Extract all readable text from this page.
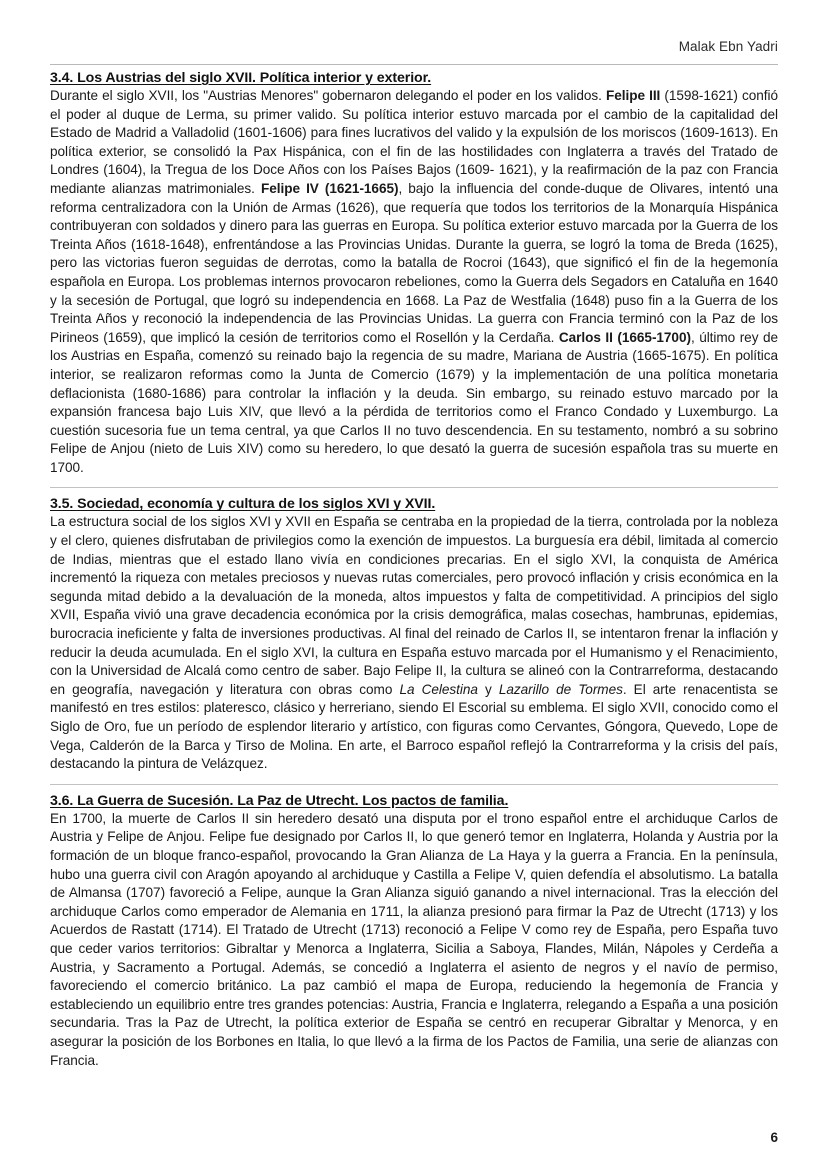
Malak Ebn Yadri
3.4. Los Austrias del siglo XVII. Política interior y exterior.

Durante el siglo XVII, los "Austrias Menores" gobernaron delegando el poder en los validos. Felipe III (1598-1621) confió el poder al duque de Lerma, su primer valido. Su política interior estuvo marcada por el cambio de la capitalidad del Estado de Madrid a Valladolid (1601-1606) para fines lucrativos del valido y la expulsión de los moriscos (1609-1613). En política exterior, se consolidó la Pax Hispánica, con el fin de las hostilidades con Inglaterra a través del Tratado de Londres (1604), la Tregua de los Doce Años con los Países Bajos (1609- 1621), y la reafirmación de la paz con Francia mediante alianzas matrimoniales. Felipe IV (1621-1665), bajo la influencia del conde-duque de Olivares, intentó una reforma centralizadora con la Unión de Armas (1626), que requería que todos los territorios de la Monarquía Hispánica contribuyeran con soldados y dinero para las guerras en Europa. Su política exterior estuvo marcada por la Guerra de los Treinta Años (1618-1648), enfrentándose a las Provincias Unidas. Durante la guerra, se logró la toma de Breda (1625), pero las victorias fueron seguidas de derrotas, como la batalla de Rocroi (1643), que significó el fin de la hegemonía española en Europa. Los problemas internos provocaron rebeliones, como la Guerra dels Segadors en Cataluña en 1640 y la secesión de Portugal, que logró su independencia en 1668. La Paz de Westfalia (1648) puso fin a la Guerra de los Treinta Años y reconoció la independencia de las Provincias Unidas. La guerra con Francia terminó con la Paz de los Pirineos (1659), que implicó la cesión de territorios como el Rosellón y la Cerdaña. Carlos II (1665-1700), último rey de los Austrias en España, comenzó su reinado bajo la regencia de su madre, Mariana de Austria (1665-1675). En política interior, se realizaron reformas como la Junta de Comercio (1679) y la implementación de una política monetaria deflacionista (1680-1686) para controlar la inflación y la deuda. Sin embargo, su reinado estuvo marcado por la expansión francesa bajo Luis XIV, que llevó a la pérdida de territorios como el Franco Condado y Luxemburgo. La cuestión sucesoria fue un tema central, ya que Carlos II no tuvo descendencia. En su testamento, nombró a su sobrino Felipe de Anjou (nieto de Luis XIV) como su heredero, lo que desató la guerra de sucesión española tras su muerte en 1700.

3.5. Sociedad, economía y cultura de los siglos XVI y XVII.

La estructura social de los siglos XVI y XVII en España se centraba en la propiedad de la tierra, controlada por la nobleza y el clero, quienes disfrutaban de privilegios como la exención de impuestos. La burguesía era débil, limitada al comercio de Indias, mientras que el estado llano vivía en condiciones precarias. En el siglo XVI, la conquista de América incrementó la riqueza con metales preciosos y nuevas rutas comerciales, pero provocó inflación y crisis económica en la segunda mitad debido a la devaluación de la moneda, altos impuestos y falta de competitividad. A principios del siglo XVII, España vivió una grave decadencia económica por la crisis demográfica, malas cosechas, hambrunas, epidemias, burocracia ineficiente y falta de inversiones productivas. Al final del reinado de Carlos II, se intentaron frenar la inflación y reducir la deuda acumulada. En el siglo XVI, la cultura en España estuvo marcada por el Humanismo y el Renacimiento, con la Universidad de Alcalá como centro de saber. Bajo Felipe II, la cultura se alineó con la Contrarreforma, destacando en geografía, navegación y literatura con obras como La Celestina y Lazarillo de Tormes. El arte renacentista se manifestó en tres estilos: plateresco, clásico y herreriano, siendo El Escorial su emblema. El siglo XVII, conocido como el Siglo de Oro, fue un período de esplendor literario y artístico, con figuras como Cervantes, Góngora, Quevedo, Lope de Vega, Calderón de la Barca y Tirso de Molina. En arte, el Barroco español reflejó la Contrarreforma y la crisis del país, destacando la pintura de Velázquez.

3.6. La Guerra de Sucesión. La Paz de Utrecht. Los pactos de familia.

En 1700, la muerte de Carlos II sin heredero desató una disputa por el trono español entre el archiduque Carlos de Austria y Felipe de Anjou. Felipe fue designado por Carlos II, lo que generó temor en Inglaterra, Holanda y Austria por la formación de un bloque franco-español, provocando la Gran Alianza de La Haya y la guerra a Francia. En la península, hubo una guerra civil con Aragón apoyando al archiduque y Castilla a Felipe V, quien defendía el absolutismo. La batalla de Almansa (1707) favoreció a Felipe, aunque la Gran Alianza siguió ganando a nivel internacional. Tras la elección del archiduque Carlos como emperador de Alemania en 1711, la alianza presionó para firmar la Paz de Utrecht (1713) y los Acuerdos de Rastatt (1714). El Tratado de Utrecht (1713) reconoció a Felipe V como rey de España, pero España tuvo que ceder varios territorios: Gibraltar y Menorca a Inglaterra, Sicilia a Saboya, Flandes, Milán, Nápoles y Cerdeña a Austria, y Sacramento a Portugal. Además, se concedió a Inglaterra el asiento de negros y el navío de permiso, favoreciendo el comercio británico. La paz cambió el mapa de Europa, reduciendo la hegemonía de Francia y estableciendo un equilibrio entre tres grandes potencias: Austria, Francia e Inglaterra, relegando a España a una posición secundaria. Tras la Paz de Utrecht, la política exterior de España se centró en recuperar Gibraltar y Menorca, y en asegurar la posición de los Borbones en Italia, lo que llevó a la firma de los Pactos de Familia, una serie de alianzas con Francia.

6
